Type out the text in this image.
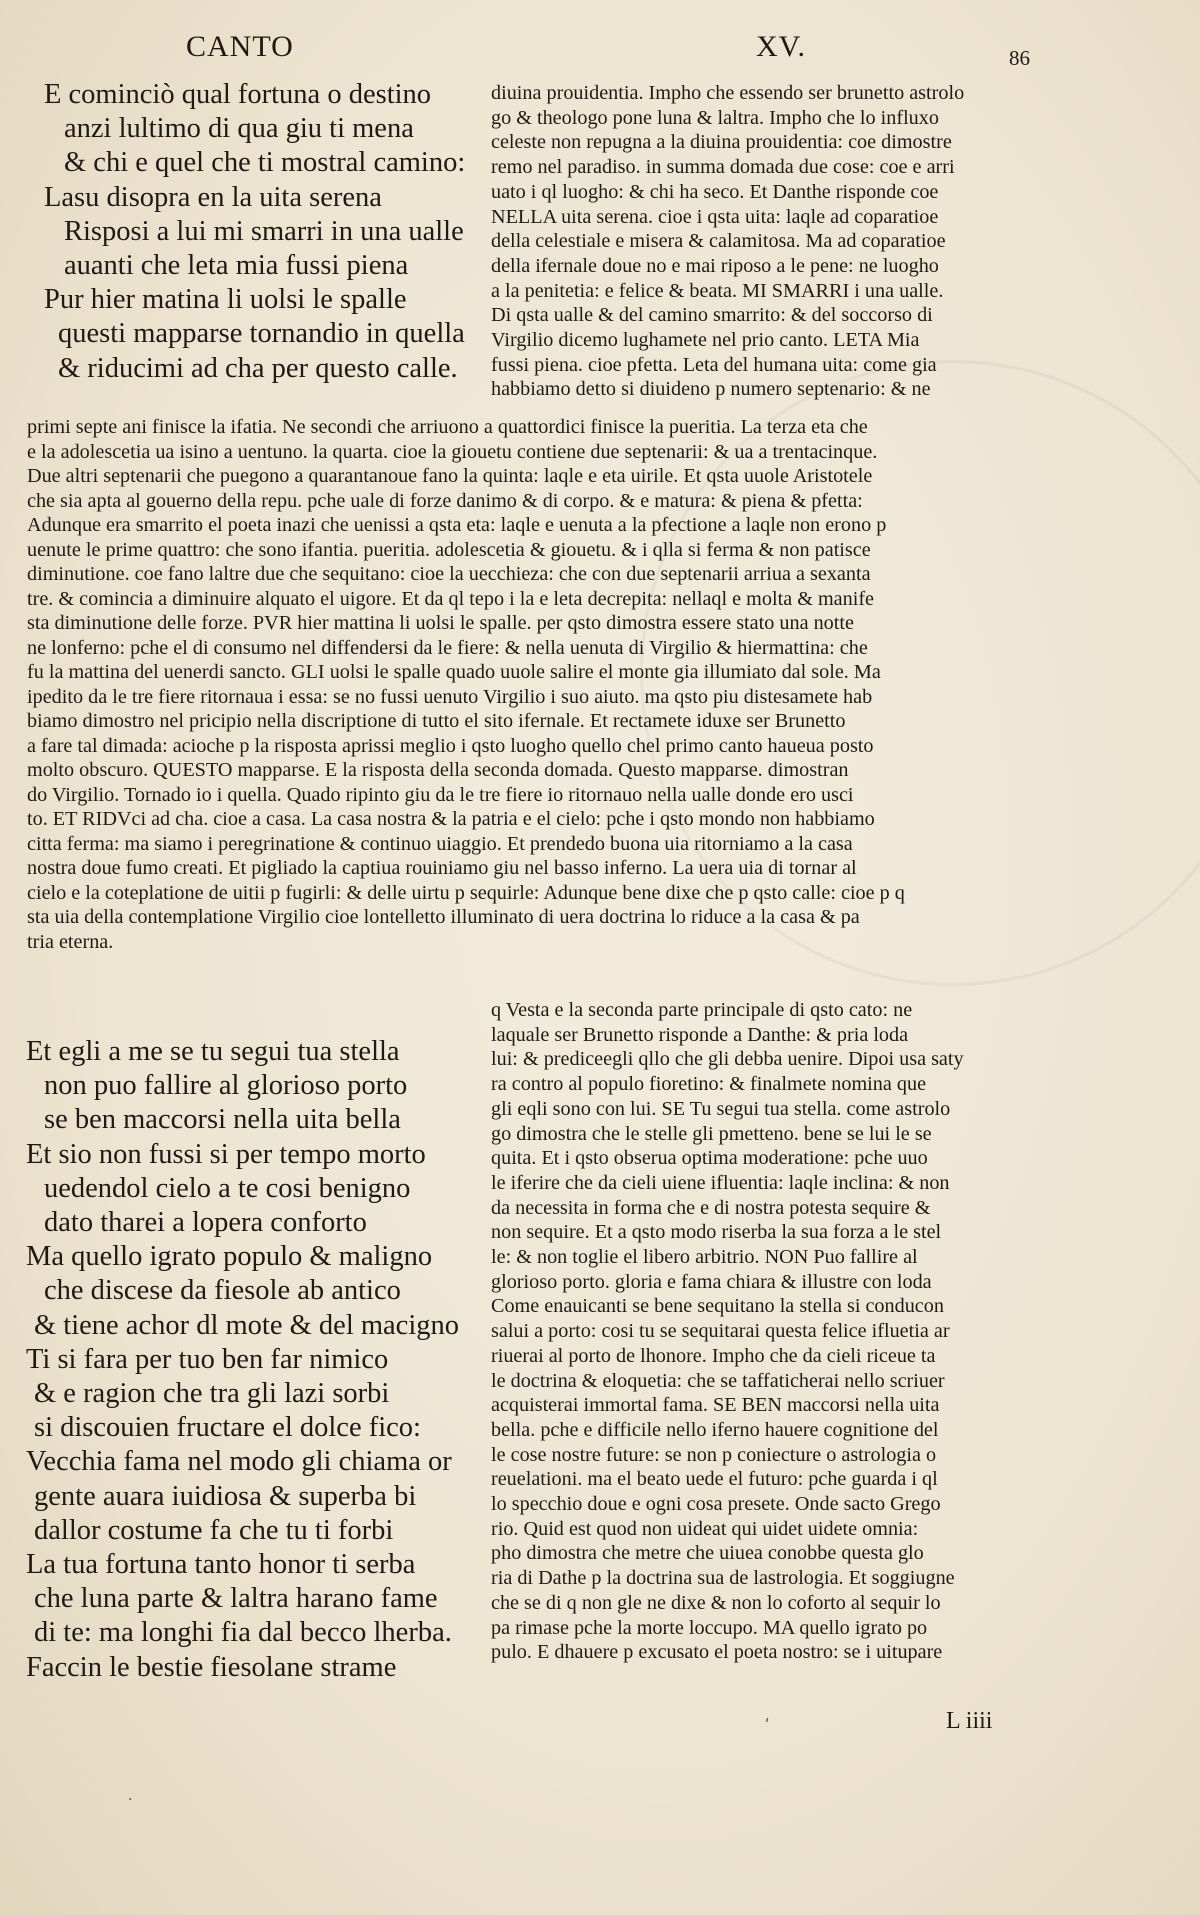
CANTO	XV.	86
E cominciò qual fortuna o destino
anzi lultimo di qua giu ti mena
& chi e quel che ti mostral camino:
Lasu disopra en la uita serena
Risposi a lui mi smarri in una ualle
auanti che leta mia fussi piena
Pur hier matina li uolsi le spalle
questi mapparse tornandio in quella
& riducimi ad cha per questo calle.
diuina prouidentia. Impho che essendo ser brunetto astrolo
go & theologo pone luna & laltra. Impho che lo influxo
celeste non repugna a la diuina prouidentia: coe dimostre
remo nel paradiso. in summa domada due cose: coe e arri
uato i ql luogho: & chi ha seco. Et Danthe risponde coe
NELLA uita serena. cioe i qsta uita: laqle ad coparatioe
della celestiale e misera & calamitosa. Ma ad coparatioe
della ifernale doue no e mai riposo a le pene: ne luogho
a la penitetia: e felice & beata. MI SMARRI i una ualle.
Di qsta ualle & del camino smarrito: & del soccorso di
Virgilio dicemo lughamete nel prio canto. LETA Mia
fussi piena. cioe pfetta. Leta del humana uita: come gia
habbiamo detto si diuideno p numero septenario: & ne
primi septe ani finisce la ifatia. Ne secondi che arriuono a quattordici finisce la pueritia. La terza eta che
e la adolescetia ua isino a uentuno. la quarta. cioe la giouetu contiene due septenarii: & ua a trentacinque.
Due altri septenarii che puegono a quarantanoue fano la quinta: laqle e eta uirile. Et qsta uuole Aristotele
che sia apta al gouerno della repu. pche uale di forze danimo & di corpo. & e matura: & piena & pfetta:
Adunque era smarrito el poeta inazi che uenissi a qsta eta: laqle e uenuta a la pfectione a laqle non erono p
uenute le prime quattro: che sono ifantia. pueritia. adolescetia & giouetu. & i qlla si ferma & non patisce
diminutione. coe fano laltre due che sequitano: cioe la uecchieza: che con due septenarii arriua a sexanta
tre. & comincia a diminuire alquato el uigore. Et da ql tepo i la e leta decrepita: nellaql e molta & manife
sta diminutione delle forze. PVR hier mattina li uolsi le spalle. per qsto dimostra essere stato una notte
ne lonferno: pche el di consumo nel diffendersi da le fiere: & nella uenuta di Virgilio & hiermattina: che
fu la mattina del uenerdi sancto. GLI uolsi le spalle quado uuole salire el monte gia illumiato dal sole. Ma
ipedito da le tre fiere ritornaua i essa: se no fussi uenuto Virgilio i suo aiuto. ma qsto piu distesamete hab
biamo dimostro nel pricipio nella discriptione di tutto el sito ifernale. Et rectamete iduxe ser Brunetto
a fare tal dimada: acioche p la risposta aprissi meglio i qsto luogho quello chel primo canto haueua posto
molto obscuro. QUESTO mapparse. E la risposta della seconda domada. Questo mapparse. dimostran
do Virgilio. Tornado io i quella. Quado ripinto giu da le tre fiere io ritornauo nella ualle donde ero usci
to. ET RIDVci ad cha. cioe a casa. La casa nostra & la patria e el cielo: pche i qsto mondo non habbiamo
citta ferma: ma siamo i peregrinatione & continuo uiaggio. Et prendedo buona uia ritorniamo a la casa
nostra doue fumo creati. Et pigliado la captiua rouiniamo giu nel basso inferno. La uera uia di tornar al
cielo e la coteplatione de uitii p fugirli: & delle uirtu p sequirle: Adunque bene dixe che p qsto calle: cioe p q
sta uia della contemplatione Virgilio cioe lontelletto illuminato di uera doctrina lo riduce a la casa & pa
tria eterna.
Et egli a me se tu segui tua stella
non puo fallire al glorioso porto
se ben maccorsi nella uita bella
Et sio non fussi si per tempo morto
uedendol cielo a te cosi benigno
dato tharei a lopera conforto
Ma quello igrato populo & maligno
che discese da fiesole ab antico
& tiene achor dl mote & del macigno
Ti si fara per tuo ben far nimico
& e ragion che tra gli lazi sorbi
si discouien fructare el dolce fico:
Vecchia fama nel modo gli chiama or
gente auara iuidiosa & superba bi
dallor costume fa che tu ti forbi
La tua fortuna tanto honor ti serba
che luna parte & laltra harano fame
di te: ma longhi fia dal becco lherba.
Faccin le bestie fiesolane strame
q Vesta e la seconda parte principale di qsto cato: ne
laquale ser Brunetto risponde a Danthe: & pria loda
lui: & prediceegli qllo che gli debba uenire. Dipoi usa saty
ra contro al populo fioretino: & finalmete nomina que
gli eqli sono con lui. SE Tu segui tua stella. come astrolo
go dimostra che le stelle gli pmetteno. bene se lui le se
quita. Et i qsto obserua optima moderatione: pche uuo
le iferire che da cieli uiene ifluentia: laqle inclina: & non
da necessita in forma che e di nostra potesta sequire &
non sequire. Et a qsto modo riserba la sua forza a le stel
le: & non toglie el libero arbitrio. NON Puo fallire al
glorioso porto. gloria e fama chiara & illustre con loda
Come enauicanti se bene sequitano la stella si conducon
salui a porto: cosi tu se sequitarai questa felice ifluetia ar
riuerai al porto de lhonore. Impho che da cieli riceue ta
le doctrina & eloquetia: che se taffaticherai nello scriuer
acquisterai immortal fama. SE BEN maccorsi nella uita
bella. pche e difficile nello iferno hauere cognitione del
le cose nostre future: se non p coniecture o astrologia o
reuelationi. ma el beato uede el futuro: pche guarda i ql
lo specchio doue e ogni cosa presete. Onde sacto Grego
rio. Quid est quod non uideat qui uidet uidete omnia:
pho dimostra che metre che uiuea conobbe questa glo
ria di Dathe p la doctrina sua de lastrologia. Et soggiugne
che se di q non gle ne dixe & non lo coforto al sequir lo
pa rimase pche la morte loccupo. MA quello igrato po
pulo. E dhauere p excusato el poeta nostro: se i uitupare
ʹ	L iiii
·
